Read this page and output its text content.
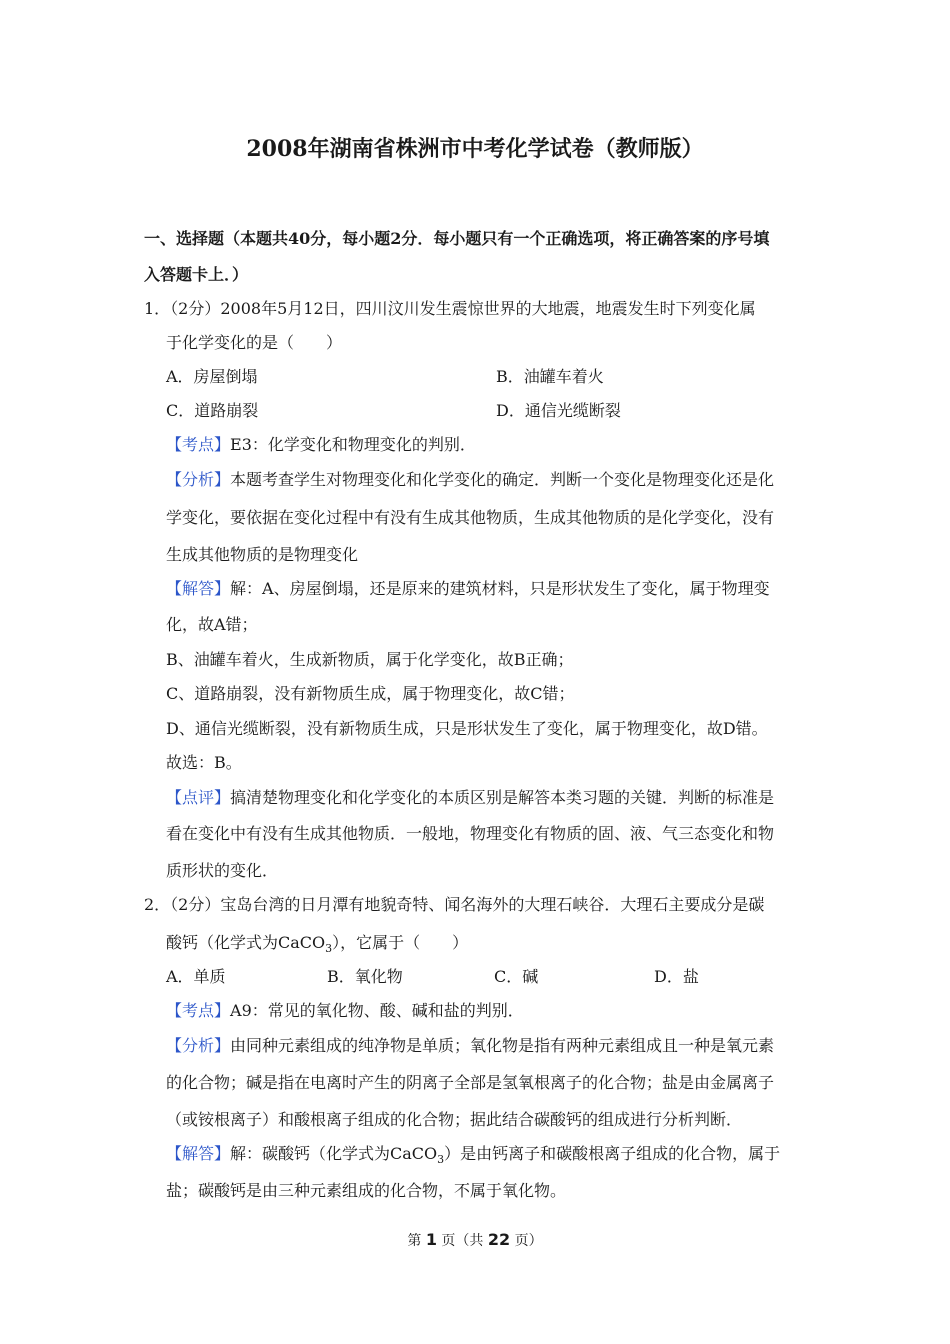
2008年湖南省株洲市中考化学试卷（教师版）
一、选择题（本题共40分，每小题2分．每小题只有一个正确选项，将正确答案的序号填
入答题卡上．）
1．（2分）2008年5月12日，四川汶川发生震惊世界的大地震，地震发生时下列变化属
于化学变化的是（　　）
A．房屋倒塌	B．油罐车着火
C．道路崩裂	D．通信光缆断裂
【考点】E3：化学变化和物理变化的判别．
【分析】本题考查学生对物理变化和化学变化的确定．判断一个变化是物理变化还是化
学变化，要依据在变化过程中有没有生成其他物质，生成其他物质的是化学变化，没有
生成其他物质的是物理变化
【解答】解：A、房屋倒塌，还是原来的建筑材料，只是形状发生了变化，属于物理变
化，故A错；
B、油罐车着火，生成新物质，属于化学变化，故B正确；
C、道路崩裂，没有新物质生成，属于物理变化，故C错；
D、通信光缆断裂，没有新物质生成，只是形状发生了变化，属于物理变化，故D错。
故选：B。
【点评】搞清楚物理变化和化学变化的本质区别是解答本类习题的关键．判断的标准是
看在变化中有没有生成其他物质．一般地，物理变化有物质的固、液、气三态变化和物
质形状的变化．
2．（2分）宝岛台湾的日月潭有地貌奇特、闻名海外的大理石峡谷．大理石主要成分是碳
酸钙（化学式为CaCO$_3$），它属于（　　）
A．单质	B．氧化物	C．碱	D．盐
【考点】A9：常见的氧化物、酸、碱和盐的判别．
【分析】由同种元素组成的纯净物是单质；氧化物是指有两种元素组成且一种是氧元素
的化合物；碱是指在电离时产生的阴离子全部是氢氧根离子的化合物；盐是由金属离子
（或铵根离子）和酸根离子组成的化合物；据此结合碳酸钙的组成进行分析判断．
【解答】解：碳酸钙（化学式为CaCO$_3$）是由钙离子和碳酸根离子组成的化合物，属于
盐；碳酸钙是由三种元素组成的化合物，不属于氧化物。
第 1 页（共 22 页）
